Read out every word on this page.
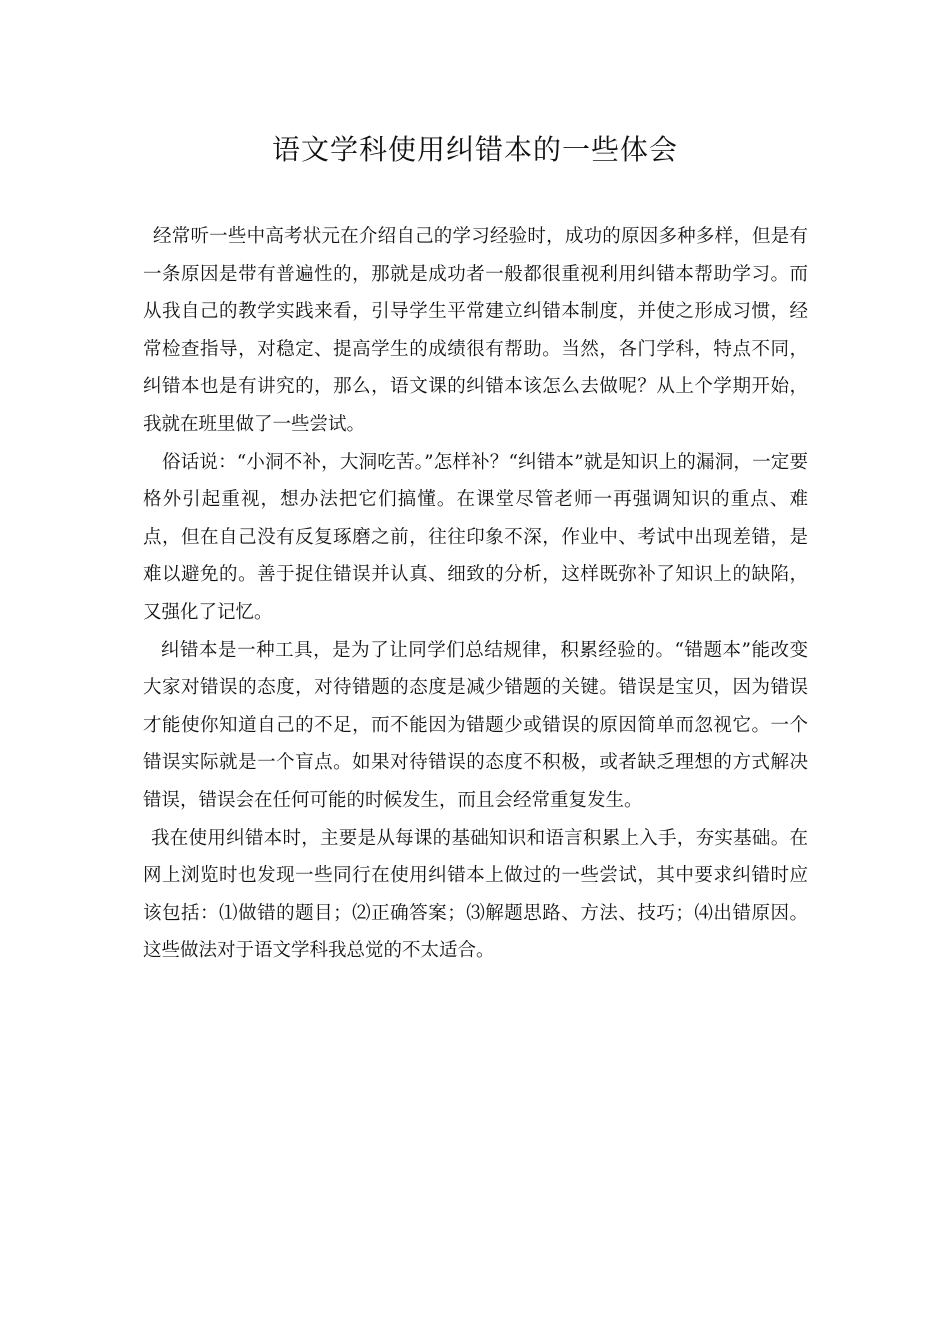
语文学科使用纠错本的一些体会

经常听一些中高考状元在介绍自己的学习经验时，成功的原因多种多样，但是有一条原因是带有普遍性的，那就是成功者一般都很重视利用纠错本帮助学习。而从我自己的教学实践来看，引导学生平常建立纠错本制度，并使之形成习惯，经常检查指导，对稳定、提高学生的成绩很有帮助。当然，各门学科，特点不同，纠错本也是有讲究的，那么，语文课的纠错本该怎么去做呢？从上个学期开始，我就在班里做了一些尝试。

俗话说：“小洞不补，大洞吃苦。”怎样补？“纠错本”就是知识上的漏洞，一定要格外引起重视，想办法把它们搞懂。在课堂尽管老师一再强调知识的重点、难点，但在自己没有反复琢磨之前，往往印象不深，作业中、考试中出现差错，是难以避免的。善于捉住错误并认真、细致的分析，这样既弥补了知识上的缺陷，又强化了记忆。

纠错本是一种工具，是为了让同学们总结规律，积累经验的。“错题本”能改变大家对错误的态度，对待错题的态度是减少错题的关键。错误是宝贝，因为错误才能使你知道自己的不足，而不能因为错题少或错误的原因简单而忽视它。一个错误实际就是一个盲点。如果对待错误的态度不积极，或者缺乏理想的方式解决错误，错误会在任何可能的时候发生，而且会经常重复发生。

我在使用纠错本时，主要是从每课的基础知识和语言积累上入手，夯实基础。在网上浏览时也发现一些同行在使用纠错本上做过的一些尝试，其中要求纠错时应该包括：⑴做错的题目；⑵正确答案；⑶解题思路、方法、技巧；⑷出错原因。这些做法对于语文学科我总觉的不太适合。
